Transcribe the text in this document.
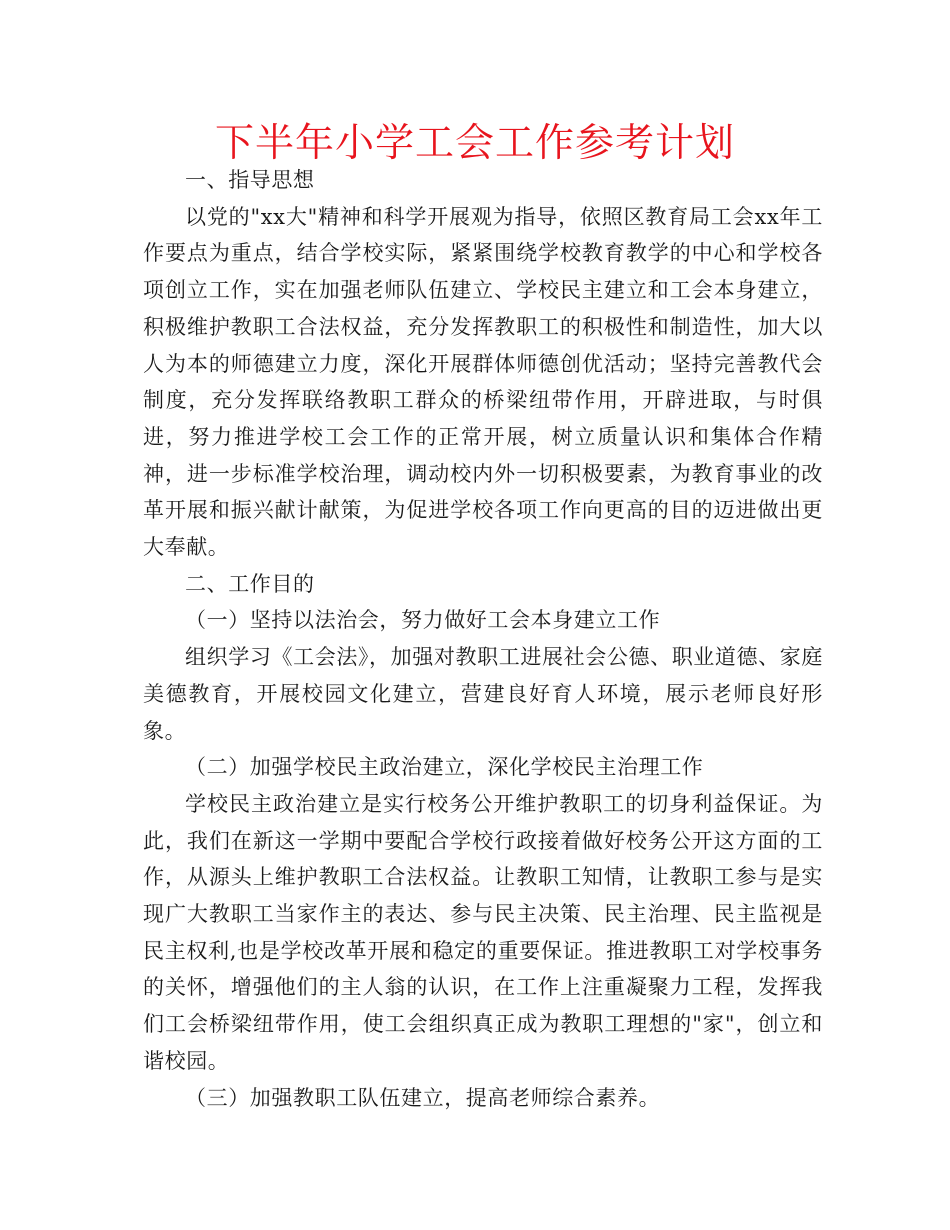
下半年小学工会工作参考计划

一、指导思想

以党的"xx大"精神和科学开展观为指导，依照区教育局工会xx年工作要点为重点，结合学校实际，紧紧围绕学校教育教学的中心和学校各项创立工作，实在加强老师队伍建立、学校民主建立和工会本身建立，积极维护教职工合法权益，充分发挥教职工的积极性和制造性，加大以人为本的师德建立力度，深化开展群体师德创优活动；坚持完善教代会制度，充分发挥联络教职工群众的桥梁纽带作用，开辟进取，与时俱进，努力推进学校工会工作的正常开展，树立质量认识和集体合作精神，进一步标准学校治理，调动校内外一切积极要素，为教育事业的改革开展和振兴献计献策，为促进学校各项工作向更高的目的迈进做出更大奉献。

二、工作目的

（一）坚持以法治会，努力做好工会本身建立工作

组织学习《工会法》，加强对教职工进展社会公德、职业道德、家庭美德教育，开展校园文化建立，营建良好育人环境，展示老师良好形象。

（二）加强学校民主政治建立，深化学校民主治理工作

学校民主政治建立是实行校务公开维护教职工的切身利益保证。为此，我们在新这一学期中要配合学校行政接着做好校务公开这方面的工作，从源头上维护教职工合法权益。让教职工知情，让教职工参与是实现广大教职工当家作主的表达、参与民主决策、民主治理、民主监视是民主权利,也是学校改革开展和稳定的重要保证。推进教职工对学校事务的关怀，增强他们的主人翁的认识，在工作上注重凝聚力工程，发挥我们工会桥梁纽带作用，使工会组织真正成为教职工理想的"家"，创立和谐校园。

（三）加强教职工队伍建立，提高老师综合素养。
